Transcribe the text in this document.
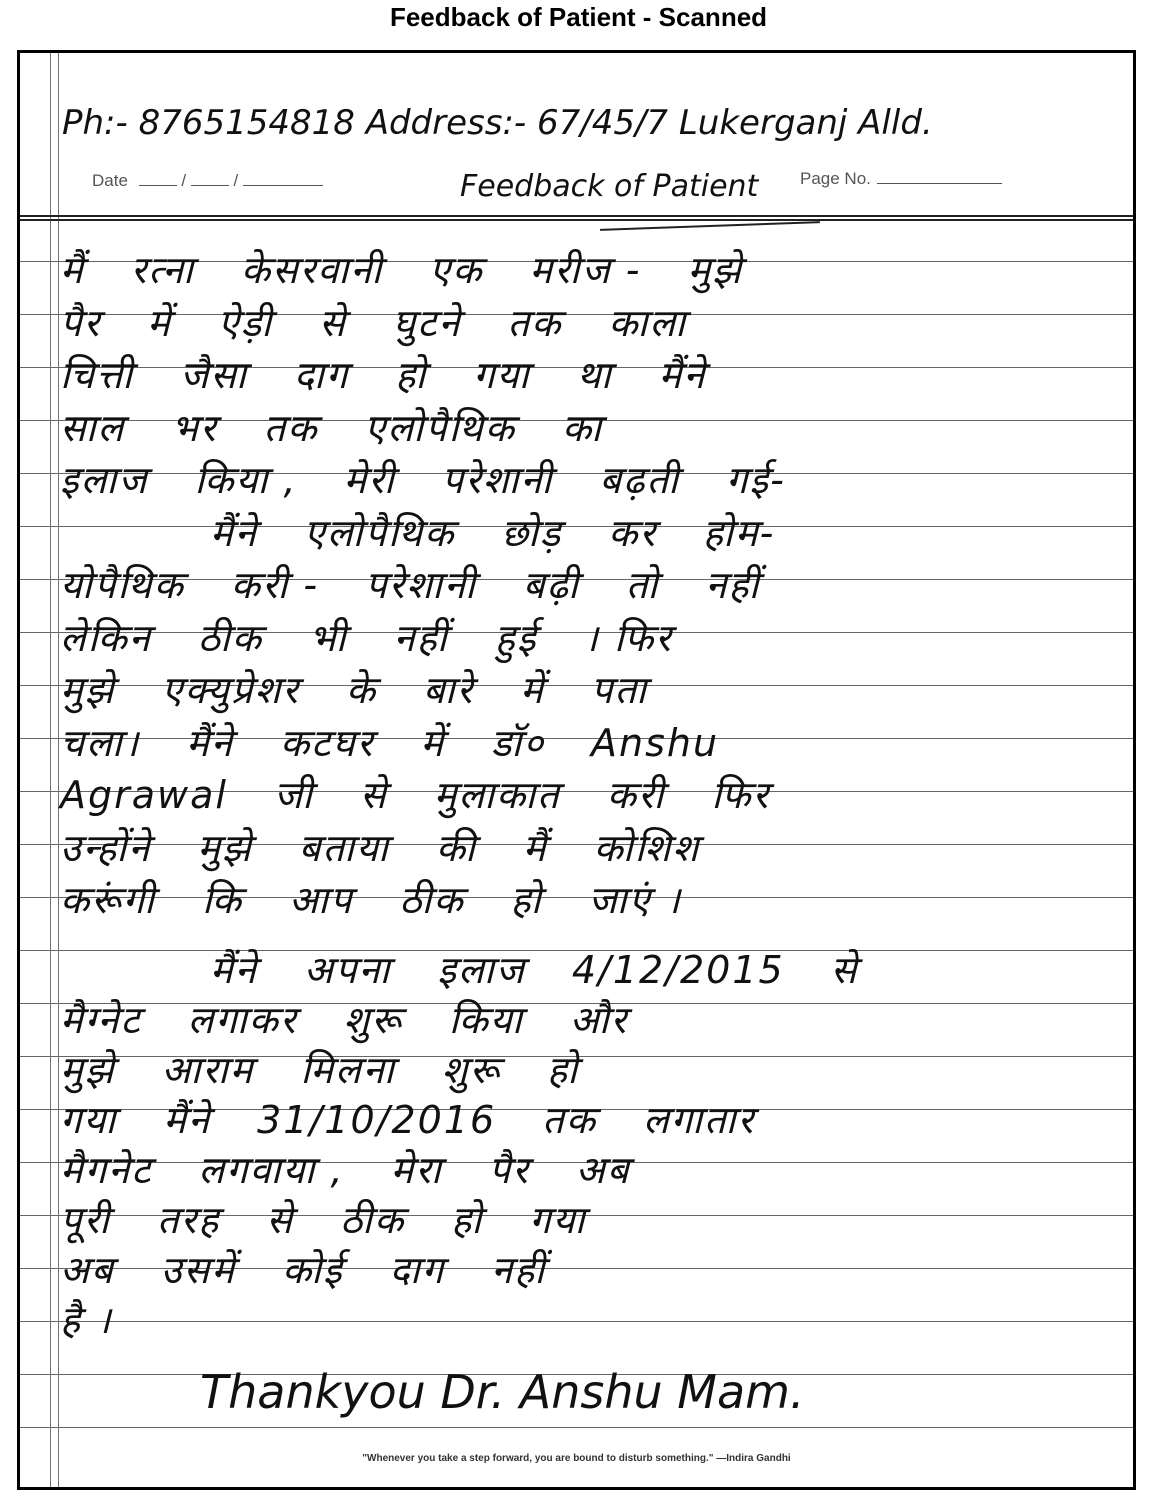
Feedback of Patient - Scanned
Ph:- 8765154818 Address:- 67/45/7 Lukerganj Alld.
Date	/  /	Page No.
Feedback of Patient
मैं रत्ना केसरवानी एक मरीज - मुझे
पैर में ऐड़ी से घुटने तक काला
चित्ती जैसा दाग हो गया था मैंने
साल भर तक एलोपैथिक का
इलाज किया , मेरी परेशानी बढ़ती गई-
मैंने एलोपैथिक छोड़ कर होम-
योपैथिक करी - परेशानी बढ़ी तो नहीं
लेकिन ठीक भी नहीं हुई । फिर
मुझे एक्युप्रेशर के बारे में पता
चला। मैंने कटघर में डॉ० Anshu
Agrawal जी से मुलाकात करी फिर
उन्होंने मुझे बताया की मैं कोशिश
करूंगी कि आप ठीक हो जाएं ।
मैंने अपना इलाज 4/12/2015 से
मैग्नेट लगाकर शुरू किया और
मुझे आराम मिलना शुरू हो
गया मैंने 31/10/2016 तक लगातार
मैगनेट लगवाया , मेरा पैर अब
पूरी तरह से ठीक हो गया
अब उसमें कोई दाग नहीं
है ।
Thankyou Dr. Anshu Mam.
"Whenever you take a step forward, you are bound to disturb something." —Indira Gandhi
